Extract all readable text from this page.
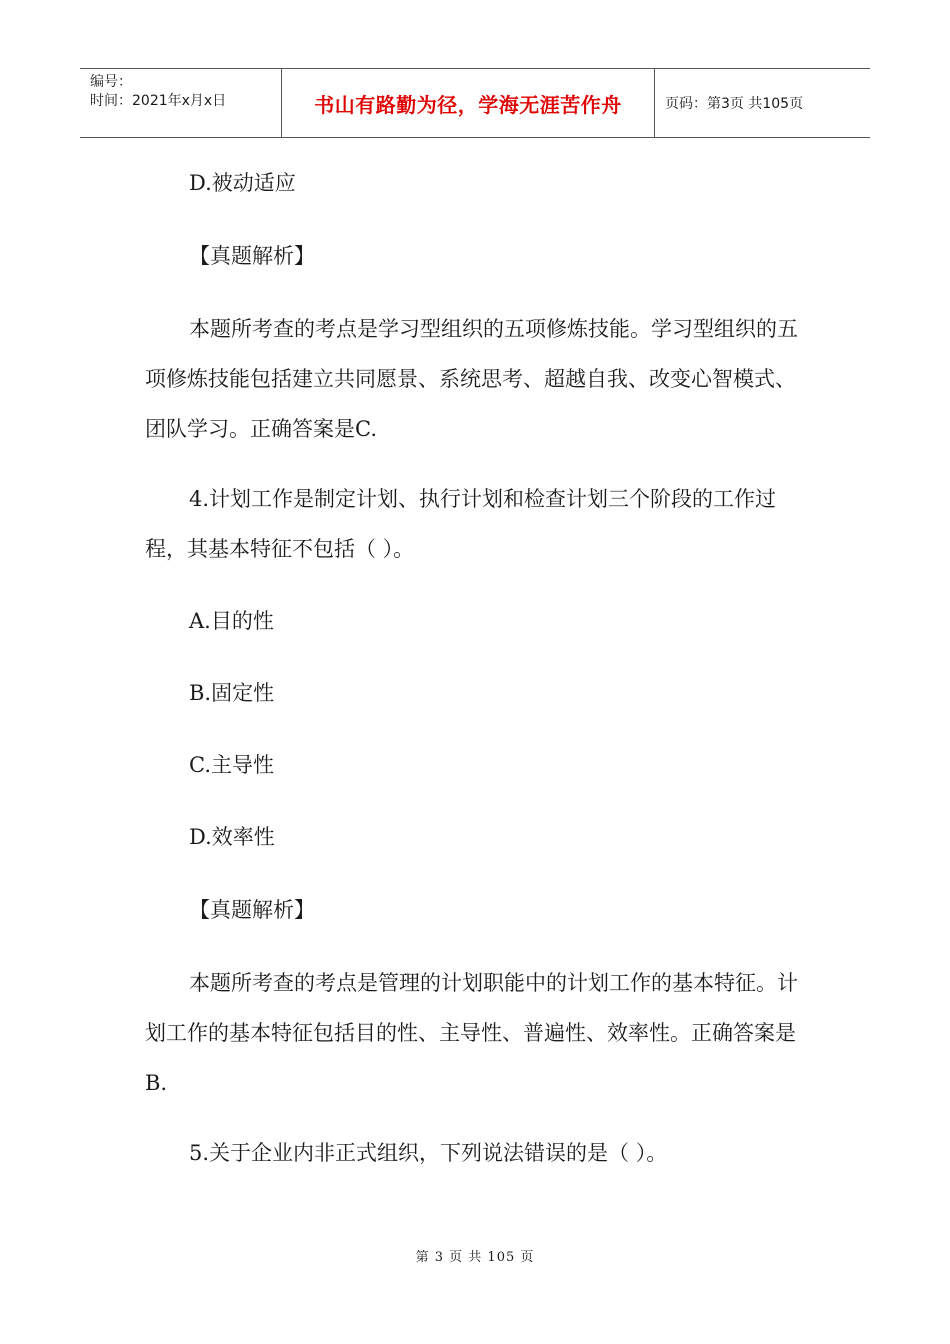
编号：
时间：2021年x月x日	书山有路勤为径，学海无涯苦作舟	页码：第3页 共105页

D.被动适应

【真题解析】

本题所考查的考点是学习型组织的五项修炼技能。学习型组织的五项修炼技能包括建立共同愿景、系统思考、超越自我、改变心智模式、团队学习。正确答案是C.

4.计划工作是制定计划、执行计划和检查计划三个阶段的工作过程，其基本特征不包括（ ）。

A.目的性

B.固定性

C.主导性

D.效率性

【真题解析】

本题所考查的考点是管理的计划职能中的计划工作的基本特征。计划工作的基本特征包括目的性、主导性、普遍性、效率性。正确答案是B.

5.关于企业内非正式组织，下列说法错误的是（ ）。

第 3 页 共 105 页
